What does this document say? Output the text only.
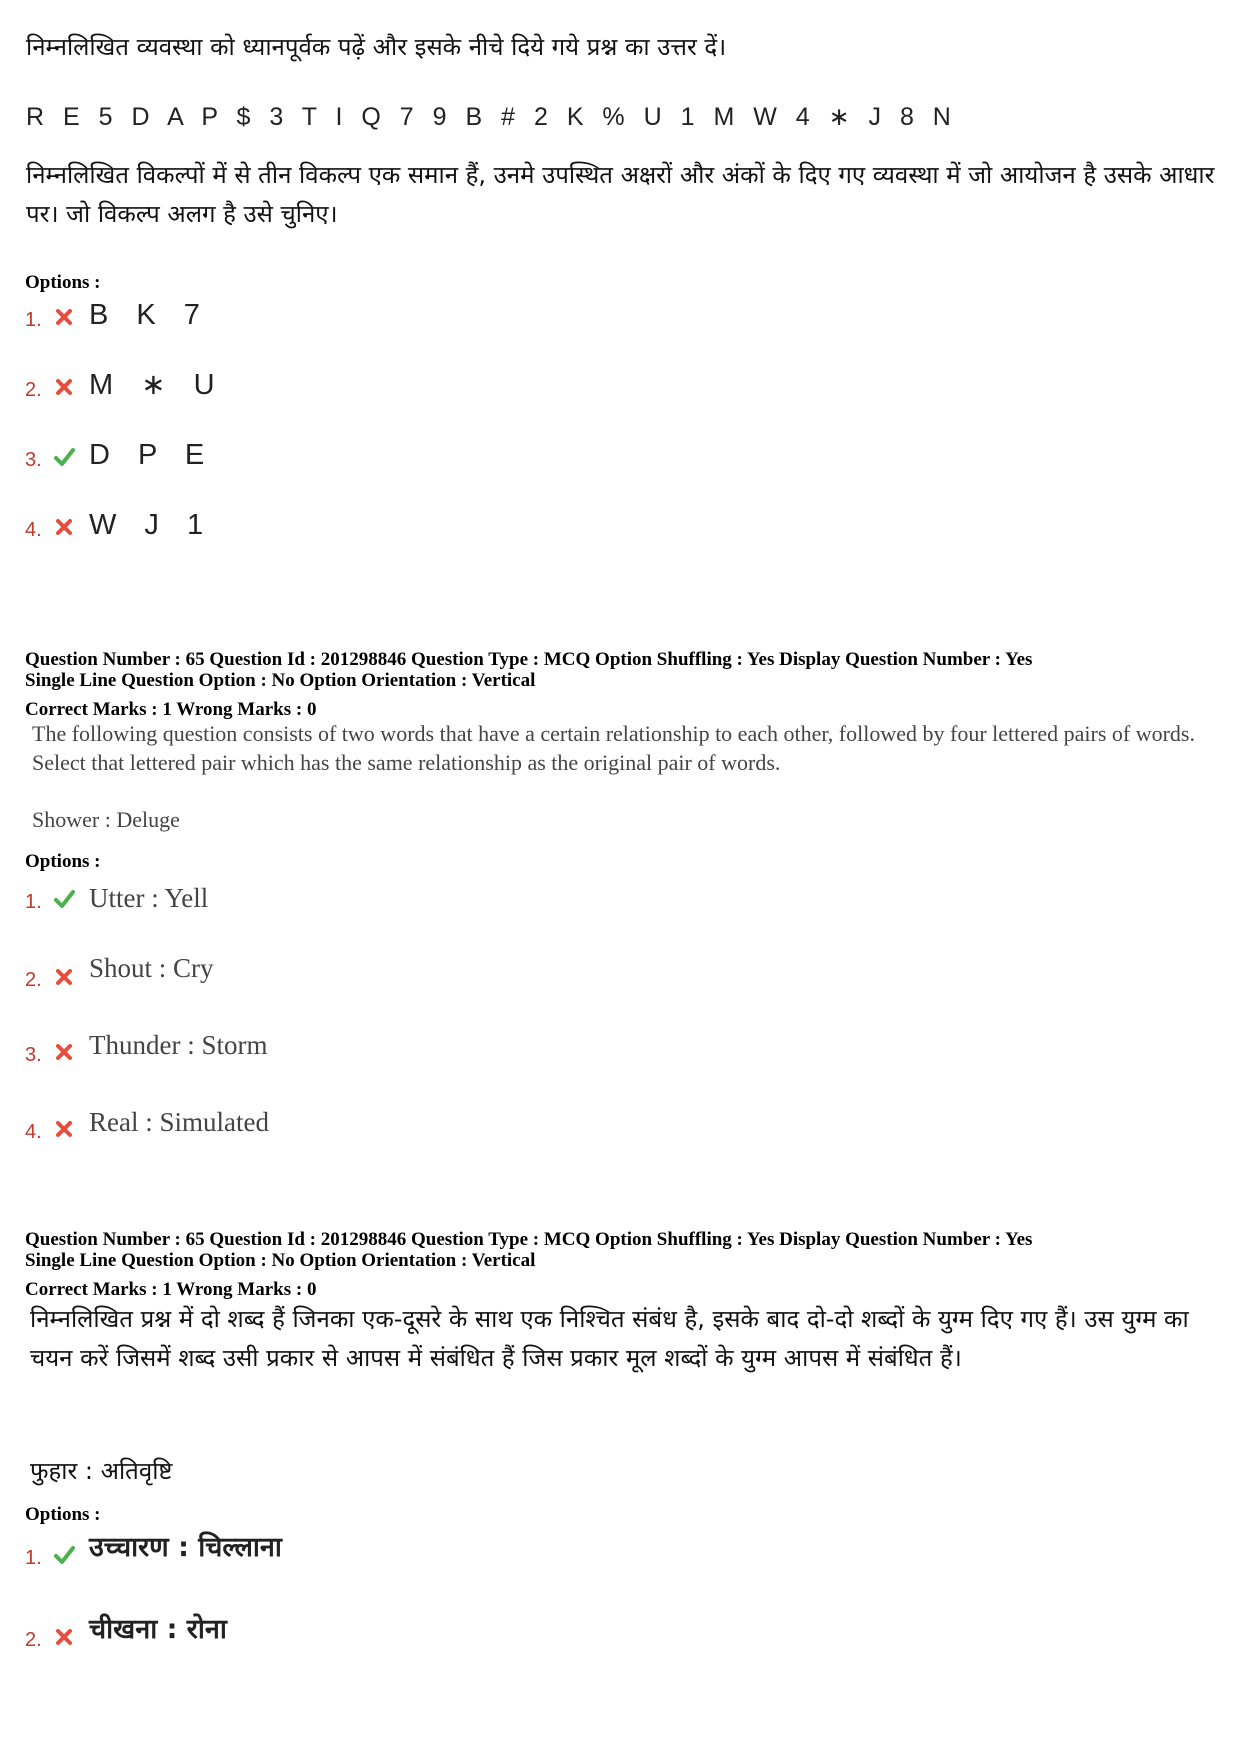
निम्नलिखित व्यवस्था को ध्यानपूर्वक पढ़ें और इसके नीचे दिये गये प्रश्न का उत्तर दें।
R E 5 D A P $ 3 T I Q 7 9 B # 2 K % U 1 M W 4 ∗ J 8 N
निम्नलिखित विकल्पों में से तीन विकल्प एक समान हैं, उनमे उपस्थित अक्षरों और अंकों के दिए गए व्यवस्था में जो आयोजन है उसके आधार पर। जो विकल्प अलग है उसे चुनिए।
Options :
1. B K 7
2. M ∗ U
3. D P E
4. W J 1
Question Number : 65 Question Id : 201298846 Question Type : MCQ Option Shuffling : Yes Display Question Number : Yes
Single Line Question Option : No Option Orientation : Vertical
Correct Marks : 1 Wrong Marks : 0
The following question consists of two words that have a certain relationship to each other, followed by four lettered pairs of words. Select that lettered pair which has the same relationship as the original pair of words.
Shower : Deluge
Options :
1. Utter : Yell
2. Shout : Cry
3. Thunder : Storm
4. Real : Simulated
Question Number : 65 Question Id : 201298846 Question Type : MCQ Option Shuffling : Yes Display Question Number : Yes
Single Line Question Option : No Option Orientation : Vertical
Correct Marks : 1 Wrong Marks : 0
निम्नलिखित प्रश्न में दो शब्द हैं जिनका एक-दूसरे के साथ एक निश्चित संबंध है, इसके बाद दो-दो शब्दों के युग्म दिए गए हैं। उस युग्म का चयन करें जिसमें शब्द उसी प्रकार से आपस में संबंधित हैं जिस प्रकार मूल शब्दों के युग्म आपस में संबंधित हैं।
फुहार : अतिवृष्टि
Options :
1. उच्चारण : चिल्लाना
2. चीखना : रोना
